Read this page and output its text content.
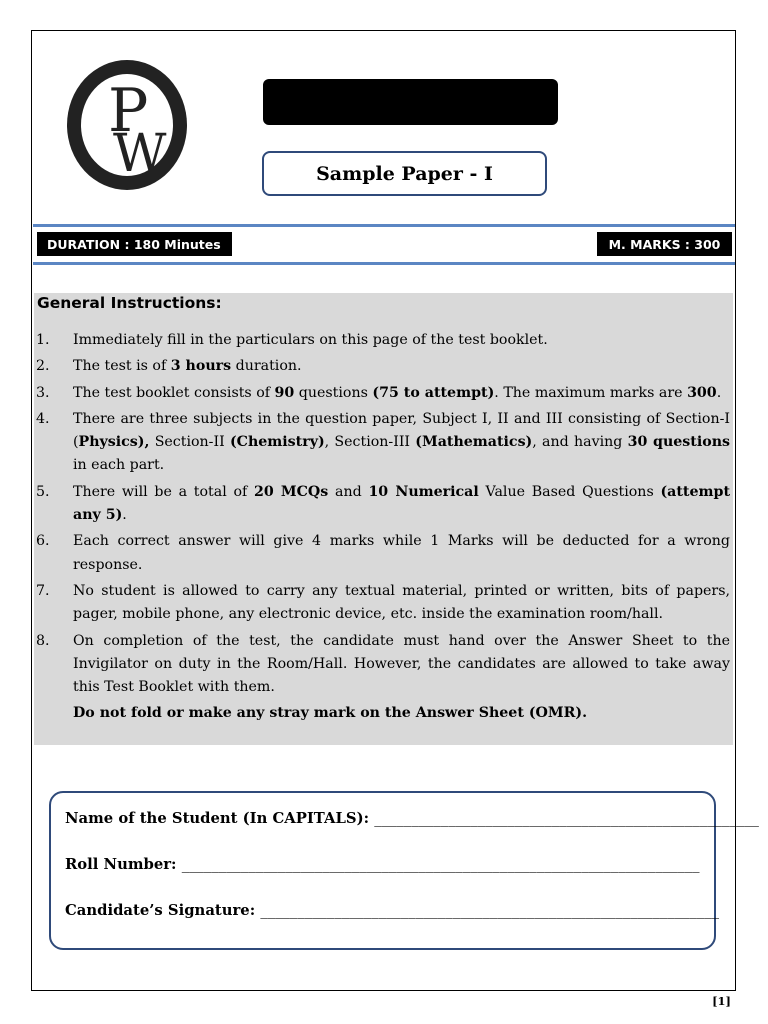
P
W	Sample Paper - I
DURATION : 180 Minutes	M. MARKS : 300
General Instructions:
1. Immediately fill in the particulars on this page of the test booklet.
2. The test is of 3 hours duration.
3. The test booklet consists of 90 questions (75 to attempt). The maximum marks are 300.
4. There are three subjects in the question paper, Subject I, II and III consisting of Section-I (Physics), Section-II (Chemistry), Section-III (Mathematics), and having 30 questions in each part.
5. There will be a total of 20 MCQs and 10 Numerical Value Based Questions (attempt any 5).
6. Each correct answer will give 4 marks while 1 Marks will be deducted for a wrong response.
7. No student is allowed to carry any textual material, printed or written, bits of papers, pager, mobile phone, any electronic device, etc. inside the examination room/hall.
8. On completion of the test, the candidate must hand over the Answer Sheet to the Invigilator on duty in the Room/Hall. However, the candidates are allowed to take away this Test Booklet with them.
Do not fold or make any stray mark on the Answer Sheet (OMR).
Name of the Student (In CAPITALS): ____________________________________________________
Roll Number: ______________________________________________________________________
Candidate’s Signature: ______________________________________________________________
[1]
